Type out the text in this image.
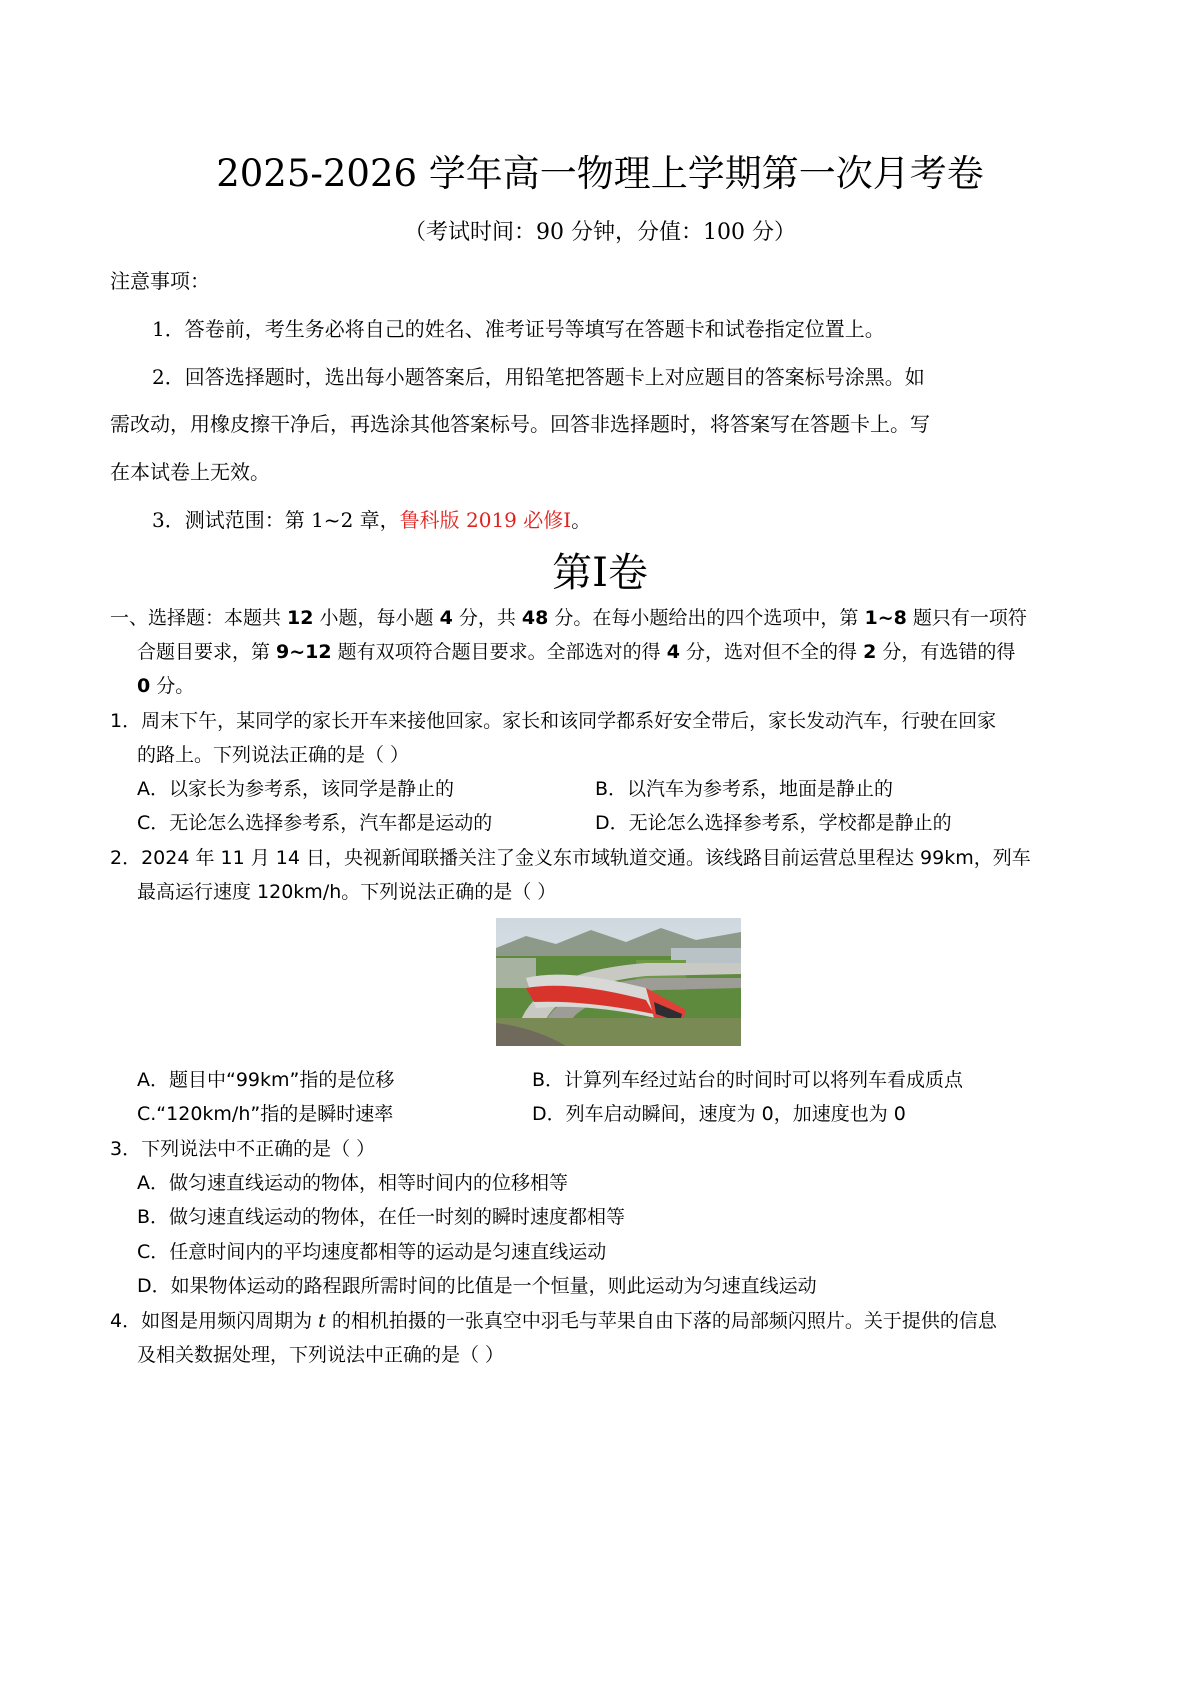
2025-2026 学年高一物理上学期第一次月考卷
（考试时间：90 分钟，分值：100 分）
注意事项：
1．答卷前，考生务必将自己的姓名、准考证号等填写在答题卡和试卷指定位置上。
2．回答选择题时，选出每小题答案后，用铅笔把答题卡上对应题目的答案标号涂黑。如
需改动，用橡皮擦干净后，再选涂其他答案标号。回答非选择题时，将答案写在答题卡上。写
在本试卷上无效。
3．测试范围：第 1~2 章，鲁科版 2019 必修Ⅰ。
第Ⅰ卷
一、选择题：本题共 12 小题，每小题 4 分，共 48 分。在每小题给出的四个选项中，第 1~8 题只有一项符
合题目要求，第 9~12 题有双项符合题目要求。全部选对的得 4 分，选对但不全的得 2 分，有选错的得
0 分。
1．周末下午，某同学的家长开车来接他回家。家长和该同学都系好安全带后，家长发动汽车，行驶在回家
的路上。下列说法正确的是（ ）
A．以家长为参考系，该同学是静止的	B．以汽车为参考系，地面是静止的
C．无论怎么选择参考系，汽车都是运动的	D．无论怎么选择参考系，学校都是静止的
2．2024 年 11 月 14 日，央视新闻联播关注了金义东市域轨道交通。该线路目前运营总里程达 99km，列车
最高运行速度 120km/h。下列说法正确的是（ ）
A．题目中“99km”指的是位移	B．计算列车经过站台的时间时可以将列车看成质点
C.“120km/h”指的是瞬时速率	D．列车启动瞬间，速度为 0，加速度也为 0
3．下列说法中不正确的是（ ）
A．做匀速直线运动的物体，相等时间内的位移相等
B．做匀速直线运动的物体，在任一时刻的瞬时速度都相等
C．任意时间内的平均速度都相等的运动是匀速直线运动
D．如果物体运动的路程跟所需时间的比值是一个恒量，则此运动为匀速直线运动
4．如图是用频闪周期为 t 的相机拍摄的一张真空中羽毛与苹果自由下落的局部频闪照片。关于提供的信息
及相关数据处理，下列说法中正确的是（ ）
